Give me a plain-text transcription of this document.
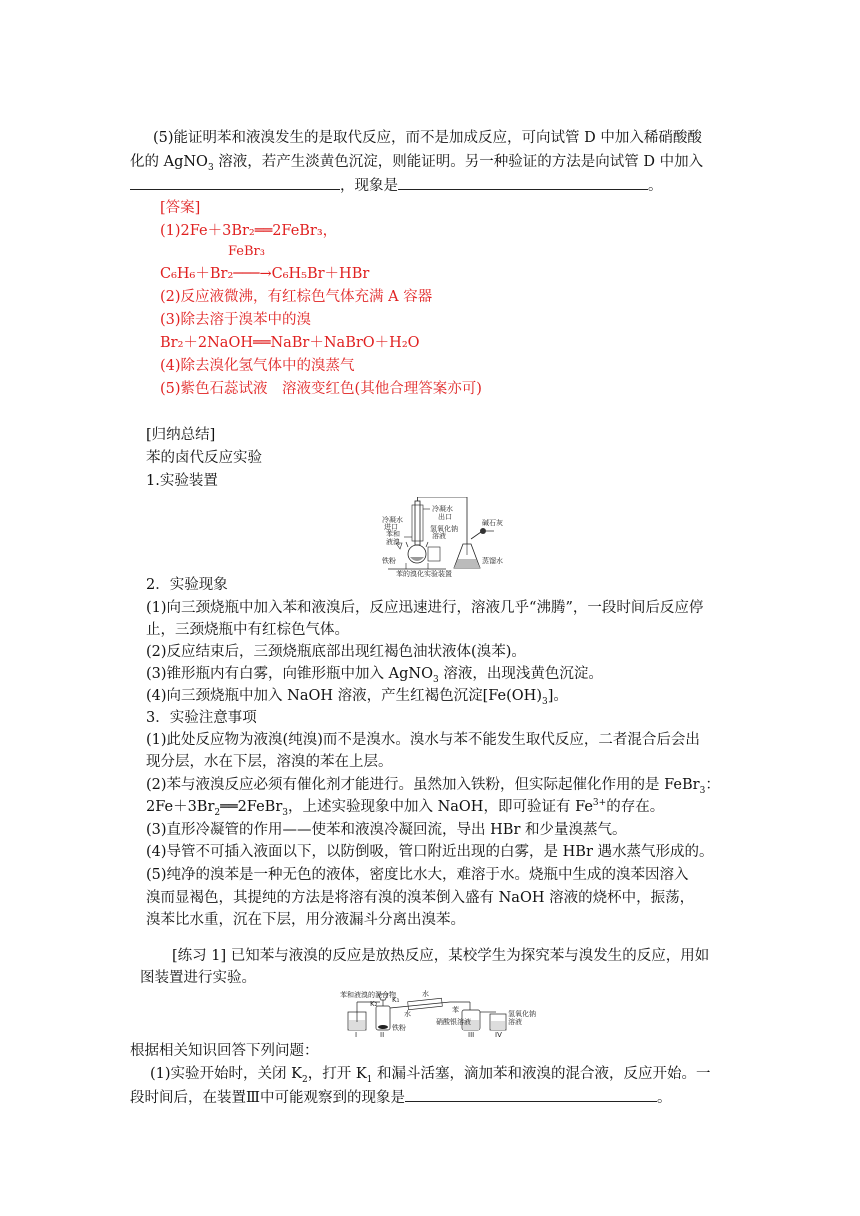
(5)能证明苯和液溴发生的是取代反应，而不是加成反应，可向试管 D 中加入稀硝酸酸
化的 AgNO$_3$ 溶液，若产生淡黄色沉淀，则能证明。另一种验证的方法是向试管 D 中加入
，现象是	。
[答案]
(1)2Fe＋3Br₂══2FeBr₃，
FeBr₃
C₆H₆＋Br₂───→C₆H₅Br＋HBr
(2)反应液微沸，有红棕色气体充满 A 容器
(3)除去溶于溴苯中的溴
Br₂＋2NaOH══NaBr＋NaBrO＋H₂O
(4)除去溴化氢气体中的溴蒸气
(5)紫色石蕊试液　溶液变红色(其他合理答案亦可)
[归纳总结]
苯的卤代反应实验
1.实验装置
冷凝水
出口
冷凝水
进口
苯和
液溴
氢氧化钠
溶液
碱石灰
铁粉
苯的溴化实验装置
蒸馏水
2．实验现象
(1)向三颈烧瓶中加入苯和液溴后，反应迅速进行，溶液几乎“沸腾”，一段时间后反应停
止，三颈烧瓶中有红棕色气体。
(2)反应结束后，三颈烧瓶底部出现红褐色油状液体(溴苯)。
(3)锥形瓶内有白雾，向锥形瓶中加入 AgNO$_3$ 溶液，出现浅黄色沉淀。
(4)向三颈烧瓶中加入 NaOH 溶液，产生红褐色沉淀$[Fe(OH)_3]$。
3．实验注意事项
(1)此处反应物为液溴(纯溴)而不是溴水。溴水与苯不能发生取代反应，二者混合后会出
现分层，水在下层，溶溴的苯在上层。
(2)苯与液溴反应必须有催化剂才能进行。虽然加入铁粉，但实际起催化作用的是 FeBr$_3$：
$2Fe+3Br_2══2FeBr_3$，上述实验现象中加入 NaOH，即可验证有 $Fe^{3+}$的存在。
(3)直形冷凝管的作用——使苯和液溴冷凝回流，导出 HBr 和少量溴蒸气。
(4)导管不可插入液面以下，以防倒吸，管口附近出现的白雾，是 HBr 遇水蒸气形成的。
(5)纯净的溴苯是一种无色的液体，密度比水大，难溶于水。烧瓶中生成的溴苯因溶入
溴而显褐色，其提纯的方法是将溶有溴的溴苯倒入盛有 NaOH 溶液的烧杯中，振荡，
溴苯比水重，沉在下层，用分液漏斗分离出溴苯。
[练习 1] 已知苯与液溴的反应是放热反应，某校学生为探究苯与溴发生的反应，用如
图装置进行实验。
苯和液溴的混合物
K₂ K₁
水
水	苯
硝酸银溶液
氢氧化钠
溶液
铁粉
I	II	III	IV
根据相关知识回答下列问题：
(1)实验开始时，关闭 $K_2$，打开 $K_1$ 和漏斗活塞，滴加苯和液溴的混合液，反应开始。一
段时间后，在装置Ⅲ中可能观察到的现象是	。
